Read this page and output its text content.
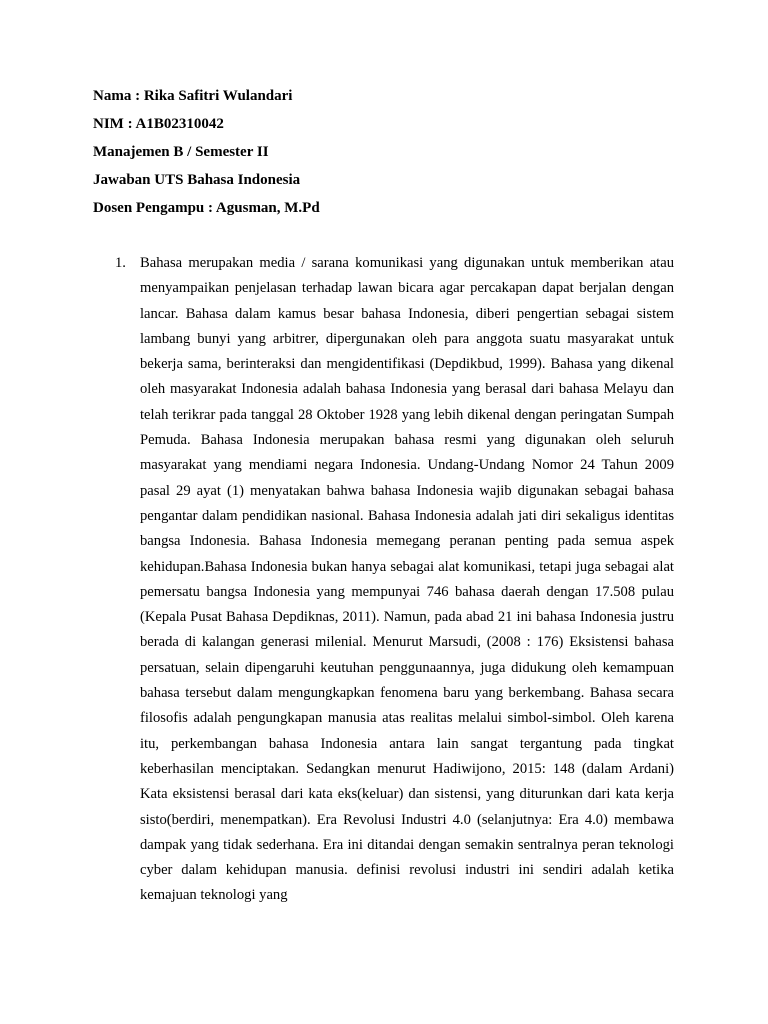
Nama : Rika Safitri Wulandari
NIM : A1B02310042
Manajemen B / Semester II
Jawaban UTS Bahasa Indonesia
Dosen Pengampu : Agusman, M.Pd
1. Bahasa merupakan media / sarana komunikasi yang digunakan untuk memberikan atau menyampaikan penjelasan terhadap lawan bicara agar percakapan dapat berjalan dengan lancar. Bahasa dalam kamus besar bahasa Indonesia, diberi pengertian sebagai sistem lambang bunyi yang arbitrer, dipergunakan oleh para anggota suatu masyarakat untuk bekerja sama, berinteraksi dan mengidentifikasi (Depdikbud, 1999). Bahasa yang dikenal oleh masyarakat Indonesia adalah bahasa Indonesia yang berasal dari bahasa Melayu dan telah terikrar pada tanggal 28 Oktober 1928 yang lebih dikenal dengan peringatan Sumpah Pemuda. Bahasa Indonesia merupakan bahasa resmi yang digunakan oleh seluruh masyarakat yang mendiami negara Indonesia. Undang-Undang Nomor 24 Tahun 2009 pasal 29 ayat (1) menyatakan bahwa bahasa Indonesia wajib digunakan sebagai bahasa pengantar dalam pendidikan nasional. Bahasa Indonesia adalah jati diri sekaligus identitas bangsa Indonesia. Bahasa Indonesia memegang peranan penting pada semua aspek kehidupan.Bahasa Indonesia bukan hanya sebagai alat komunikasi, tetapi juga sebagai alat pemersatu bangsa Indonesia yang mempunyai 746 bahasa daerah dengan 17.508 pulau (Kepala Pusat Bahasa Depdiknas, 2011). Namun, pada abad 21 ini bahasa Indonesia justru berada di kalangan generasi milenial. Menurut Marsudi, (2008 : 176) Eksistensi bahasa persatuan, selain dipengaruhi keutuhan penggunaannya, juga didukung oleh kemampuan bahasa tersebut dalam mengungkapkan fenomena baru yang berkembang. Bahasa secara filosofis adalah pengungkapan manusia atas realitas melalui simbol-simbol. Oleh karena itu, perkembangan bahasa Indonesia antara lain sangat tergantung pada tingkat keberhasilan menciptakan. Sedangkan menurut Hadiwijono, 2015: 148 (dalam Ardani) Kata eksistensi berasal dari kata eks(keluar) dan sistensi, yang diturunkan dari kata kerja sisto(berdiri, menempatkan). Era Revolusi Industri 4.0 (selanjutnya: Era 4.0) membawa dampak yang tidak sederhana. Era ini ditandai dengan semakin sentralnya peran teknologi cyber dalam kehidupan manusia. definisi revolusi industri ini sendiri adalah ketika kemajuan teknologi yang
